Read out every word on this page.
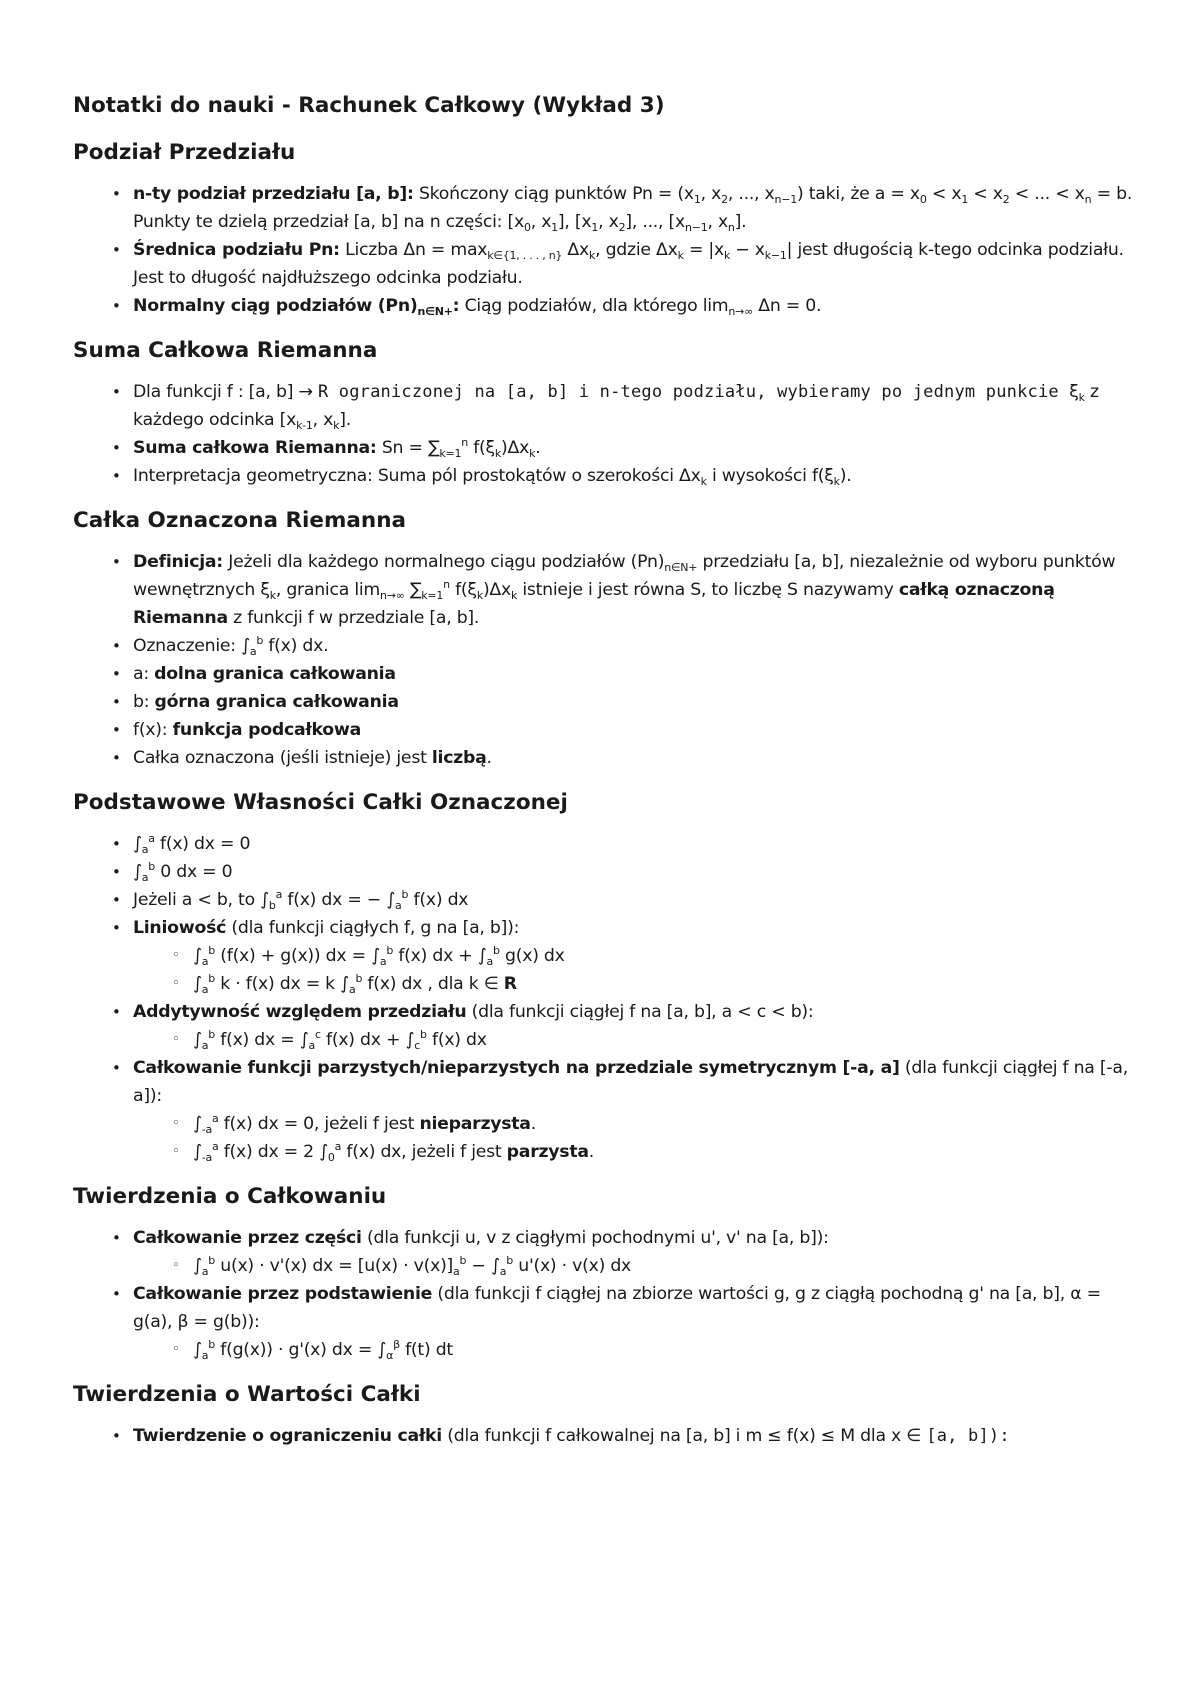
Notatki do nauki - Rachunek Całkowy (Wykład 3)
Podział Przedziału
• n-ty podział przedziału [a, b]: Skończony ciąg punktów $Pn = (x_1$, $x_2$, ..., $x_{n-1}$) taki, że $a = x_0 < x_1 < x_2$ < ... < $x_n = b$. Punkty te dzielą przedział [a, b] na n części: [$x_0$, $x_1$], [$x_1$, $x_2$], ..., [$x_{n-1}$, $x_n$].
• Średnica podziału Pn: Liczba $\Delta n = \max_{k\in\{1, . . . , n\}} \Delta x_k$, gdzie $\Delta x_k = |x_k - x_{k-1}|$ jest długością k-tego odcinka podziału. Jest to długość najdłuższego odcinka podziału.
• Normalny ciąg podziałów $(Pn)_{n\in N+}$: Ciąg podziałów, dla którego $\lim_{n\to\infty} \Delta n = 0$.
Suma Całkowa Riemanna
• Dla funkcji f : [a, b] → R ograniczonej na [a, b] i n-tego podziału, wybieramy po jednym punkcie $\xi_k$ z każdego odcinka [$x_{k-1}$, $x_k$].
• Suma całkowa Riemanna: $Sn = \sum_{k=1}^n$ $f(\xi_k)\Delta x_k$.
• Interpretacja geometryczna: Suma pól prostokątów o szerokości $\Delta x_k$ i wysokości $f(\xi_k)$.
Całka Oznaczona Riemanna
• Definicja: Jeżeli dla każdego normalnego ciągu podziałów $(Pn)_{n\in N+}$ przedziału [a, b], niezależnie od wyboru punktów wewnętrznych $\xi_k$, granica $\lim_{n\to\infty} \sum_{k=1}^n$ $f(\xi_k)\Delta x_k$ istnieje i jest równa S, to liczbę S nazywamy całką oznaczoną Riemanna z funkcji f w przedziale [a, b].
• Oznaczenie: $\int_a^b$ f(x) dx.
• a: dolna granica całkowania
• b: górna granica całkowania
• f(x): funkcja podcałkowa
• Całka oznaczona (jeśli istnieje) jest liczbą.
Podstawowe Własności Całki Oznaczonej
• $\int_a^a$ f(x) dx = 0
• $\int_a^b$ 0 dx = 0
• Jeżeli a < b, to $\int_b^a$ f(x) dx = − $\int_a^b$ f(x) dx
• Liniowość (dla funkcji ciągłych f, g na [a, b]):
◦ $\int_a^b$ (f(x) + g(x)) dx = $\int_a^b$ f(x) dx + $\int_a^b$ g(x) dx
◦ $\int_a^b$ k · f(x) dx = k $\int_a^b$ f(x) dx , dla k ∈ R
• Addytywność względem przedziału (dla funkcji ciągłej f na [a, b], a < c < b):
◦ $\int_a^b$ f(x) dx = $\int_a^c$ f(x) dx + $\int_c^b$ f(x) dx
• Całkowanie funkcji parzystych/nieparzystych na przedziale symetrycznym [-a, a] (dla funkcji ciągłej f na [-a, a]):
◦ $\int_{-a}^a$ f(x) dx = 0, jeżeli f jest nieparzysta.
◦ $\int_{-a}^a$ f(x) dx = 2 $\int_0^a$ f(x) dx, jeżeli f jest parzysta.
Twierdzenia o Całkowaniu
• Całkowanie przez części (dla funkcji u, v z ciągłymi pochodnymi u', v' na [a, b]):
◦ $\int_a^b$ u(x) · v'(x) dx = $[u(x) \cdot v(x)]_a^b - \int_a^b$ u'(x) · v(x) dx
• Całkowanie przez podstawienie (dla funkcji f ciągłej na zbiorze wartości g, g z ciągłą pochodną g' na [a, b], α = g(a), β = g(b)):
◦ $\int_a^b$ f(g(x)) · g'(x) dx = $\int_\alpha^\beta$ f(t) dt
Twierdzenia o Wartości Całki
• Twierdzenie o ograniczeniu całki (dla funkcji f całkowalnej na [a, b] i m ≤ f(x) ≤ M dla x ∈ [a, b]):
